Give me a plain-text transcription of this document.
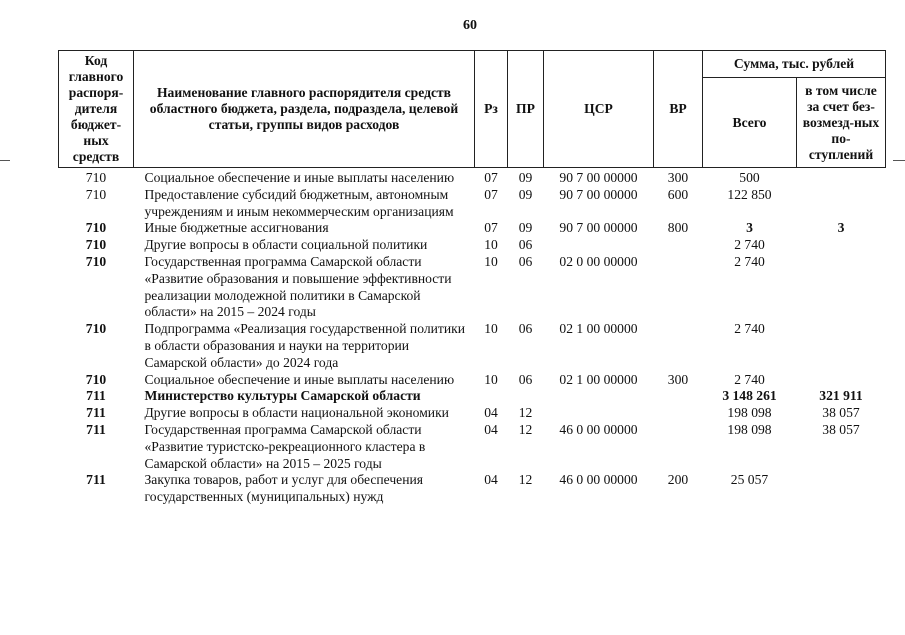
60
Код главного распоря-дителя бюджет-ных средств	Наименование главного распорядителя средств областного бюджета, раздела, подраздела, целевой статьи, группы видов расходов	Рз	ПР	ЦСР	ВР	Сумма, тыс. рублей	
						Всего	в том числе за счет без-возмезд-ных по-ступлений
710	Социальное обеспечение и иные выплаты населению	07	09	90 7 00 00000	300	500	
710	Предоставление субсидий бюджетным, автономным учреждениям и иным некоммерческим организациям	07	09	90 7 00 00000	600	122 850	
710	Иные бюджетные ассигнования	07	09	90 7 00 00000	800	3	3
710	Другие вопросы в области социальной политики	10	06			2 740	
710	Государственная программа Самарской области «Развитие образования и повышение эффективности реализации молодежной политики в Самарской области» на 2015 – 2024 годы	10	06	02 0 00 00000		2 740	
710	Подпрограмма «Реализация государственной политики в области образования и науки на территории Самарской области» до 2024 года	10	06	02 1 00 00000		2 740	
710	Социальное обеспечение и иные выплаты населению	10	06	02 1 00 00000	300	2 740	
711	Министерство культуры Самарской области					3 148 261	321 911
711	Другие вопросы в области национальной экономики	04	12			198 098	38 057
711	Государственная программа Самарской области «Развитие туристско-рекреационного кластера в Самарской области» на 2015 – 2025 годы	04	12	46 0 00 00000		198 098	38 057
711	Закупка товаров, работ и услуг для обеспечения государственных (муниципальных) нужд	04	12	46 0 00 00000	200	25 057	
